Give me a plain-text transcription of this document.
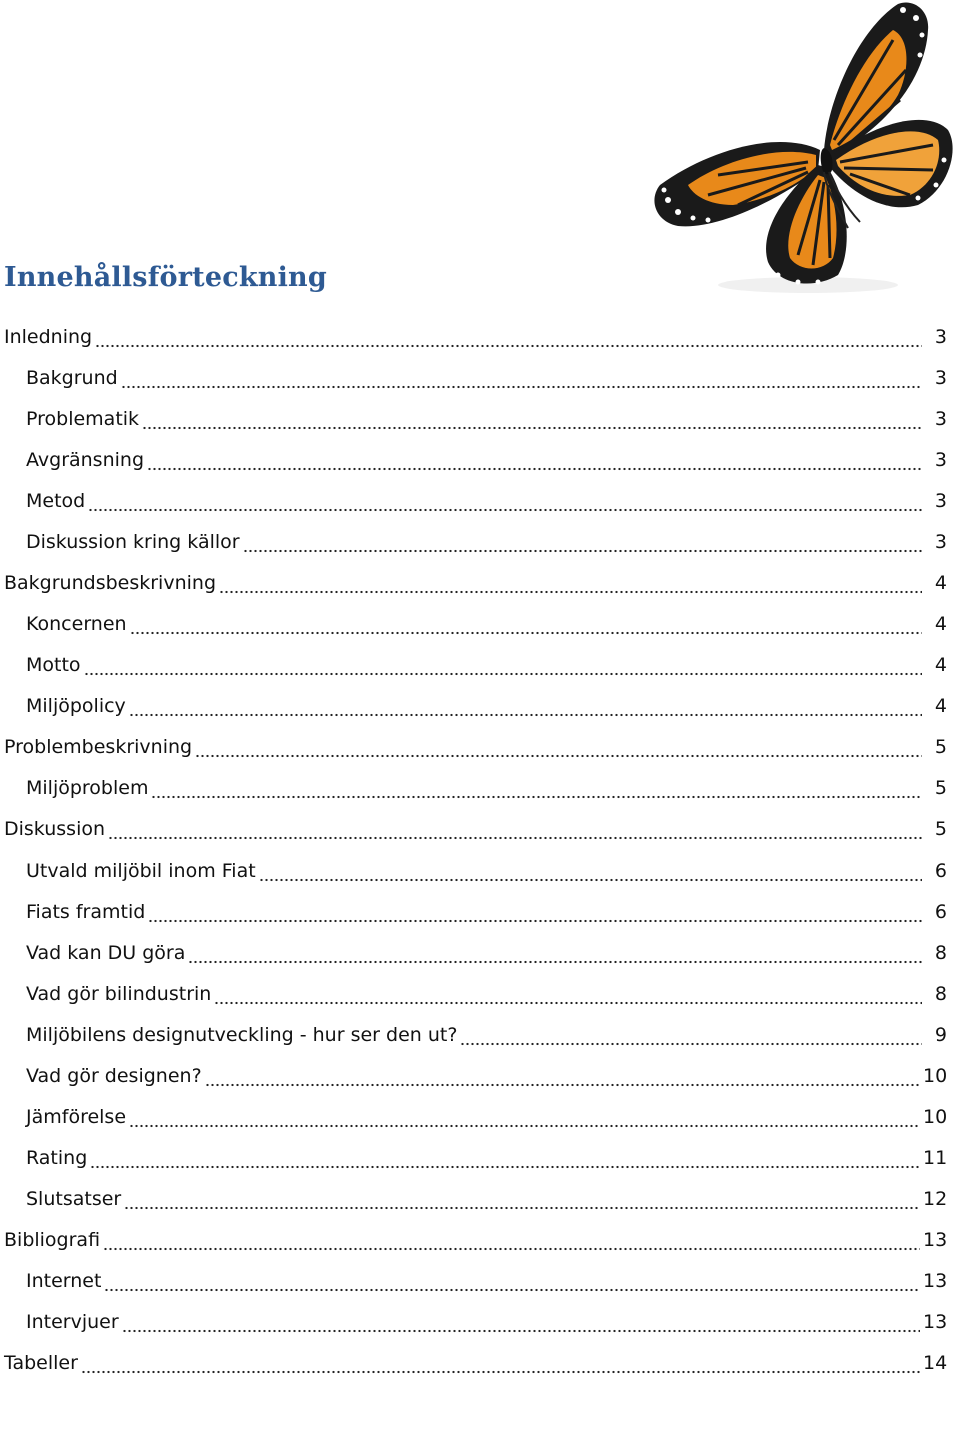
Innehållsförteckning
Inledning	3
Bakgrund	3
Problematik	3
Avgränsning	3
Metod	3
Diskussion kring källor	3
Bakgrundsbeskrivning	4
Koncernen	4
Motto	4
Miljöpolicy	4
Problembeskrivning	5
Miljöproblem	5
Diskussion	5
Utvald miljöbil inom Fiat	6
Fiats framtid	6
Vad kan DU göra	8
Vad gör bilindustrin	8
Miljöbilens designutveckling - hur ser den ut?	9
Vad gör designen?	10
Jämförelse	10
Rating	11
Slutsatser	12
Bibliografi	13
Internet	13
Intervjuer	13
Tabeller	14
